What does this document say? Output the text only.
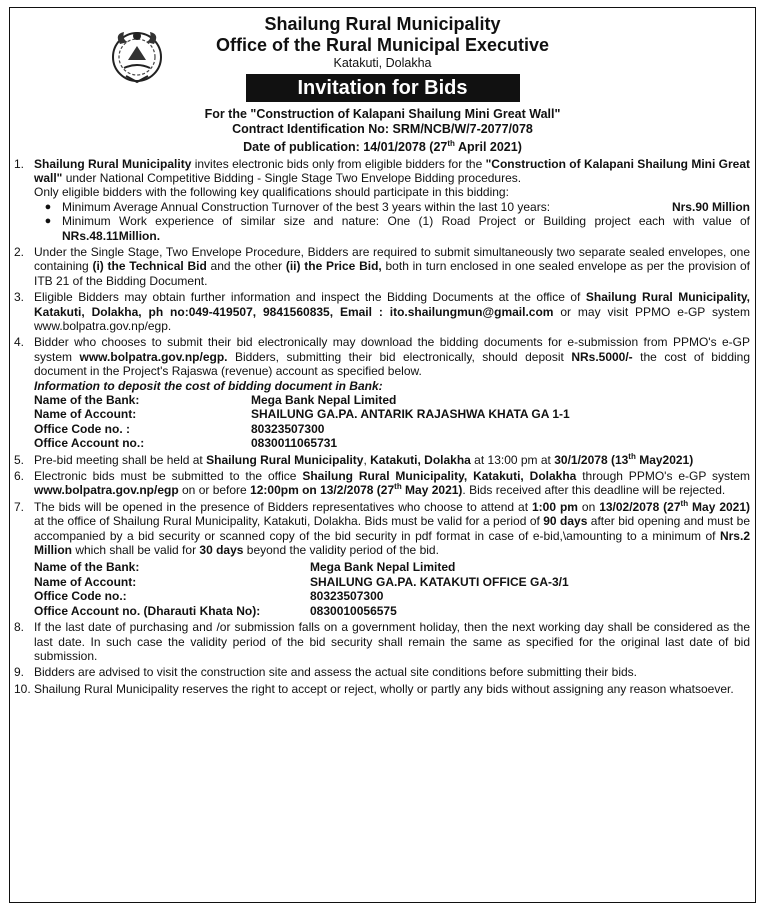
Shailung Rural Municipality
Office of the Rural Municipal Executive
Katakuti, Dolakha
Invitation for Bids
For the "Construction of Kalapani Shailung Mini Great Wall"
Contract Identification No: SRM/NCB/W/7-2077/078
Date of publication: 14/01/2078 (27th April 2021)
1. Shailung Rural Municipality invites electronic bids only from eligible bidders for the "Construction of Kalapani Shailung Mini Great wall" under National Competitive Bidding - Single Stage Two Envelope Bidding procedures.
Only eligible bidders with the following key qualifications should participate in this bidding:
● Minimum Average Annual Construction Turnover of the best 3 years within the last 10 years:	Nrs.90 Million
● Minimum Work experience of similar size and nature: One (1) Road Project or Building project each with value of NRs.48.11Million.
2. Under the Single Stage, Two Envelope Procedure, Bidders are required to submit simultaneously two separate sealed envelopes, one containing (i) the Technical Bid and the other (ii) the Price Bid, both in turn enclosed in one sealed envelope as per the provision of ITB 21 of the Bidding Document.
3. Eligible Bidders may obtain further information and inspect the Bidding Documents at the office of Shailung Rural Municipality, Katakuti, Dolakha, ph no:049-419507, 9841560835, Email : ito.shailungmun@gmail.com or may visit PPMO e-GP system www.bolpatra.gov.np/egp.
4. Bidder who chooses to submit their bid electronically may download the bidding documents for e-submission from PPMO's e-GP system www.bolpatra.gov.np/egp. Bidders, submitting their bid electronically, should deposit NRs.5000/- the cost of bidding document in the Project's Rajaswa (revenue) account as specified below.
Information to deposit the cost of bidding document in Bank:
Name of the Bank:	Mega Bank Nepal Limited
Name of Account:	SHAILUNG GA.PA. ANTARIK RAJASHWA KHATA GA 1-1
Office Code no. :	80323507300
Office Account no.:	0830011065731
5. Pre-bid meeting shall be held at Shailung Rural Municipality, Katakuti, Dolakha at 13:00 pm at 30/1/2078 (13th May2021)
6. Electronic bids must be submitted to the office Shailung Rural Municipality, Katakuti, Dolakha through PPMO's e-GP system www.bolpatra.gov.np/egp on or before 12:00pm on 13/2/2078 (27th May 2021). Bids received after this deadline will be rejected.
7. The bids will be opened in the presence of Bidders representatives who choose to attend at 1:00 pm on 13/02/2078 (27th May 2021) at the office of Shailung Rural Municipality, Katakuti, Dolakha. Bids must be valid for a period of 90 days after bid opening and must be accompanied by a bid security or scanned copy of the bid security in pdf format in case of e-bid,\amounting to a minimum of Nrs.2 Million which shall be valid for 30 days beyond the validity period of the bid.
Name of the Bank:	Mega Bank Nepal Limited
Name of Account:	SHAILUNG GA.PA. KATAKUTI OFFICE GA-3/1
Office Code no.:	80323507300
Office Account no. (Dharauti Khata No):	0830010056575
8. If the last date of purchasing and /or submission falls on a government holiday, then the next working day shall be considered as the last date. In such case the validity period of the bid security shall remain the same as specified for the original last date of bid submission.
9. Bidders are advised to visit the construction site and assess the actual site conditions before submitting their bids.
10. Shailung Rural Municipality reserves the right to accept or reject, wholly or partly any bids without assigning any reason whatsoever.
